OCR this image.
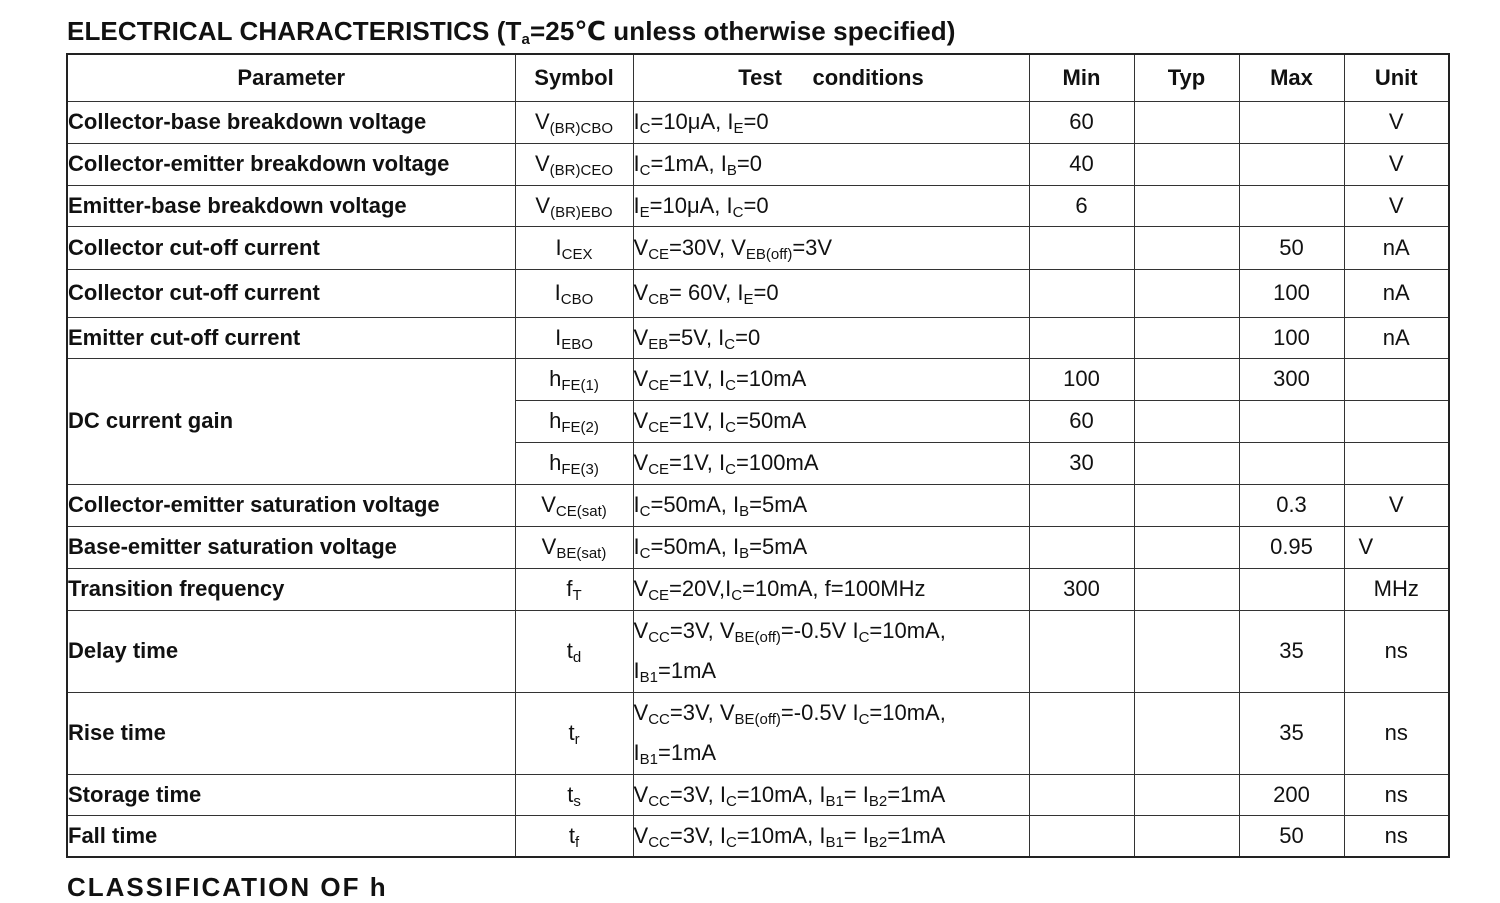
ELECTRICAL CHARACTERISTICS ($T_a=25℃$ unless otherwise specified)
Parameter	Symbol	Test     conditions	Min	Typ	Max	Unit
Collector-base breakdown voltage	$V_{(BR)CBO}$	$I_C=10\mu A$, $I_E=0$	60			V
Collector-emitter breakdown voltage	$V_{(BR)CEO}$	$I_C=1mA$, $I_B=0$	40			V
Emitter-base breakdown voltage	$V_{(BR)EBO}$	$I_E=10\mu A$, $I_C=0$	6			V
Collector cut-off current	$I_{CEX}$	$V_{CE}=30V$, $V_{EB(off)}=3V$			50	nA
Collector cut-off current	$I_{CBO}$	$V_{CB}= 60V$, $I_E=0$			100	nA
Emitter cut-off current	$I_{EBO}$	$V_{EB}=5V$, $I_C=0$			100	nA
DC current gain	$h_{FE(1)}$	$V_{CE}=1V$, $I_C=10mA$	100		300	
	$h_{FE(2)}$	$V_{CE}=1V$, $I_C=50mA$	60			
	$h_{FE(3)}$	$V_{CE}=1V$, $I_C=100mA$	30			
Collector-emitter saturation voltage	$V_{CE(sat)}$	$I_C=50mA$, $I_B=5mA$			0.3	V
Base-emitter saturation voltage	$V_{BE(sat)}$	$I_C=50mA$, $I_B=5mA$			0.95	V
Transition frequency	$f_T$	$V_{CE}=20V,I_C=10mA$, f=100MHz	300			MHz
Delay time	$t_d$	$V_{CC}=3V$, $V_{BE(off)}=-0.5V$ $I_C=10mA$,
$I_{B1}=1mA$			35	ns
Rise time	$t_r$	$V_{CC}=3V$, $V_{BE(off)}=-0.5V$ $I_C=10mA$,
$I_{B1}=1mA$			35	ns
Storage time	$t_s$	$V_{CC}=3V$, $I_C=10mA$, $I_{B1}= I_{B2}=1mA$			200	ns
Fall time	$t_f$	$V_{CC}=3V$, $I_C=10mA$, $I_{B1}= I_{B2}=1mA$			50	ns
CLASSIFICATION OF h
